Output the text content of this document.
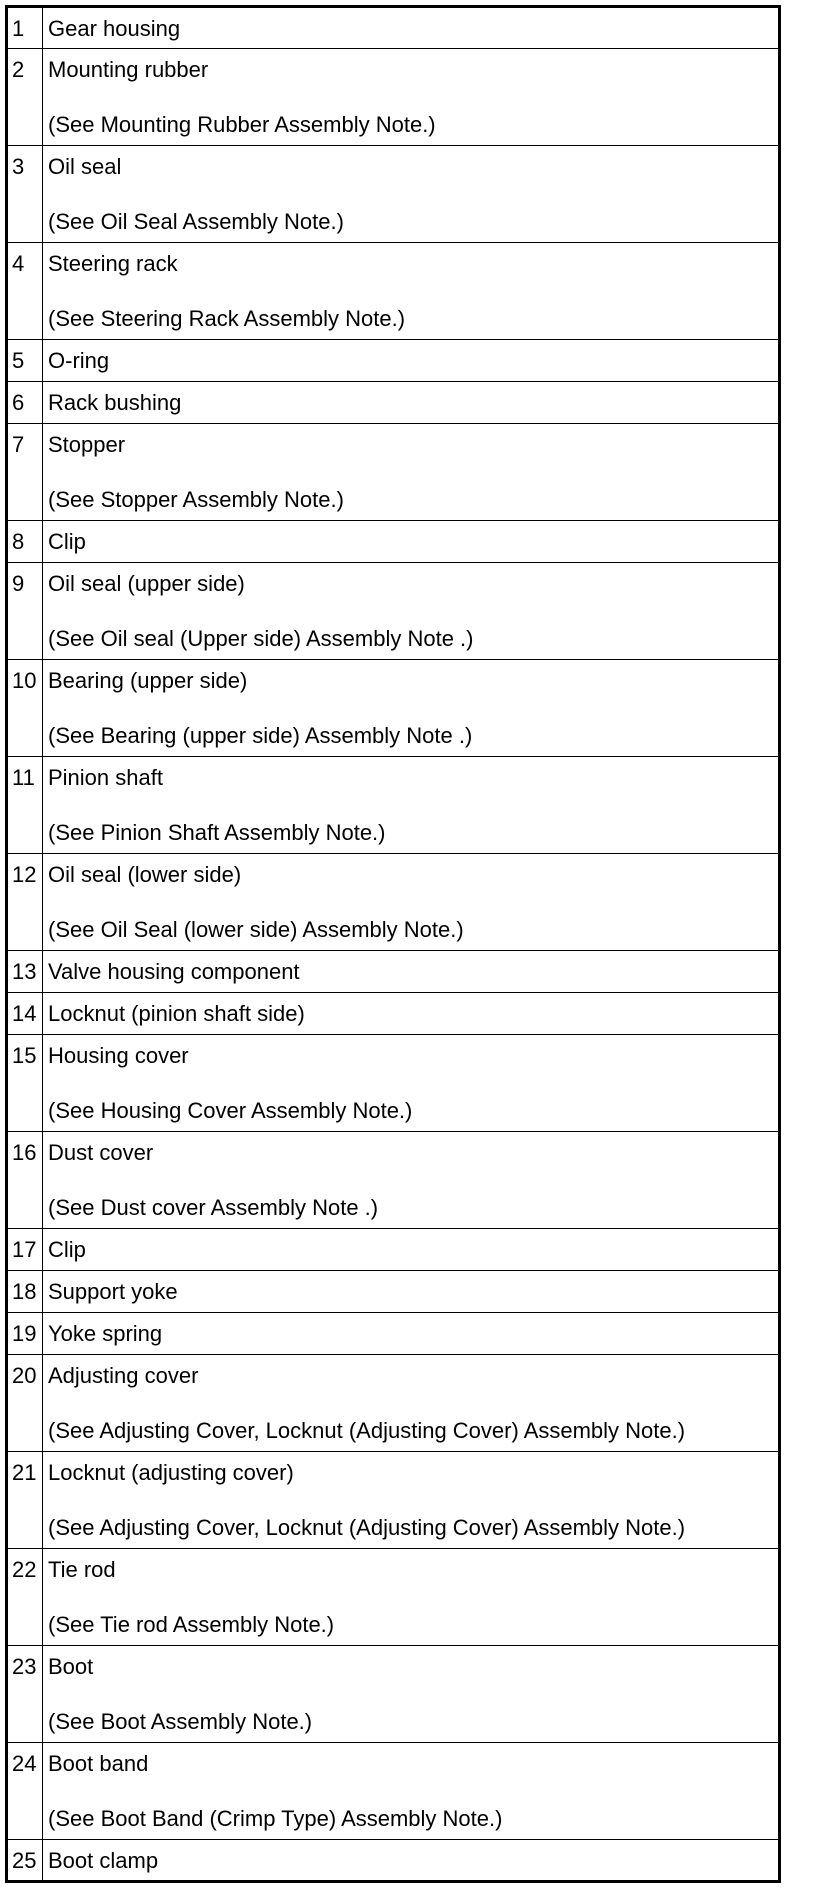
1	Gear housing

2	Mounting rubber
(See Mounting Rubber Assembly Note.)

3	Oil seal
(See Oil Seal Assembly Note.)

4	Steering rack
(See Steering Rack Assembly Note.)

5	O-ring

6	Rack bushing

7	Stopper
(See Stopper Assembly Note.)

8	Clip

9	Oil seal (upper side)
(See Oil seal (Upper side) Assembly Note .)

10	Bearing (upper side)
(See Bearing (upper side) Assembly Note .)

11	Pinion shaft
(See Pinion Shaft Assembly Note.)

12	Oil seal (lower side)
(See Oil Seal (lower side) Assembly Note.)

13	Valve housing component

14	Locknut (pinion shaft side)

15	Housing cover
(See Housing Cover Assembly Note.)

16	Dust cover
(See Dust cover Assembly Note .)

17	Clip

18	Support yoke

19	Yoke spring

20	Adjusting cover
(See Adjusting Cover, Locknut (Adjusting Cover) Assembly Note.)

21	Locknut (adjusting cover)
(See Adjusting Cover, Locknut (Adjusting Cover) Assembly Note.)

22	Tie rod
(See Tie rod Assembly Note.)

23	Boot
(See Boot Assembly Note.)

24	Boot band
(See Boot Band (Crimp Type) Assembly Note.)

25	Boot clamp
